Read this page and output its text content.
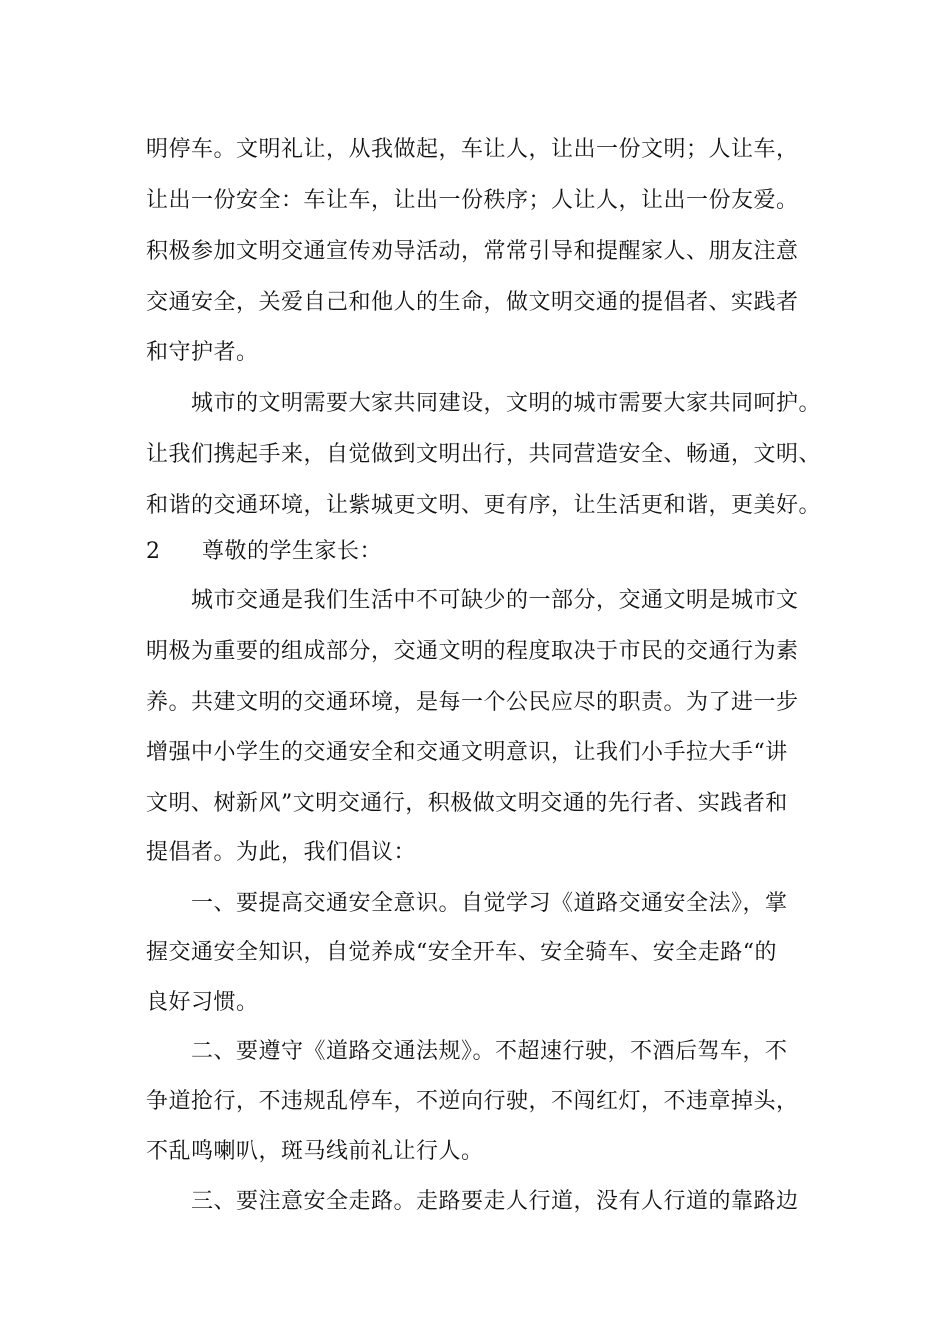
明停车。文明礼让，从我做起，车让人，让出一份文明；人让车，
让出一份安全：车让车，让出一份秩序；人让人，让出一份友爱。
积极参加文明交通宣传劝导活动，常常引导和提醒家人、朋友注意
交通安全，关爱自己和他人的生命，做文明交通的提倡者、实践者
和守护者。
城市的文明需要大家共同建设，文明的城市需要大家共同呵护。
让我们携起手来，自觉做到文明出行，共同营造安全、畅通，文明、
和谐的交通环境，让紫城更文明、更有序，让生活更和谐，更美好。
2 尊敬的学生家长：
城市交通是我们生活中不可缺少的一部分，交通文明是城市文
明极为重要的组成部分，交通文明的程度取决于市民的交通行为素
养。共建文明的交通环境，是每一个公民应尽的职责。为了进一步
增强中小学生的交通安全和交通文明意识，让我们小手拉大手“讲
文明、树新风”文明交通行，积极做文明交通的先行者、实践者和
提倡者。为此，我们倡议：
一、要提高交通安全意识。自觉学习《道路交通安全法》，掌
握交通安全知识，自觉养成“安全开车、安全骑车、安全走路“的
良好习惯。
二、要遵守《道路交通法规》。不超速行驶，不酒后驾车，不
争道抢行，不违规乱停车，不逆向行驶，不闯红灯，不违章掉头，
不乱鸣喇叭，斑马线前礼让行人。
三、要注意安全走路。走路要走人行道，没有人行道的靠路边
